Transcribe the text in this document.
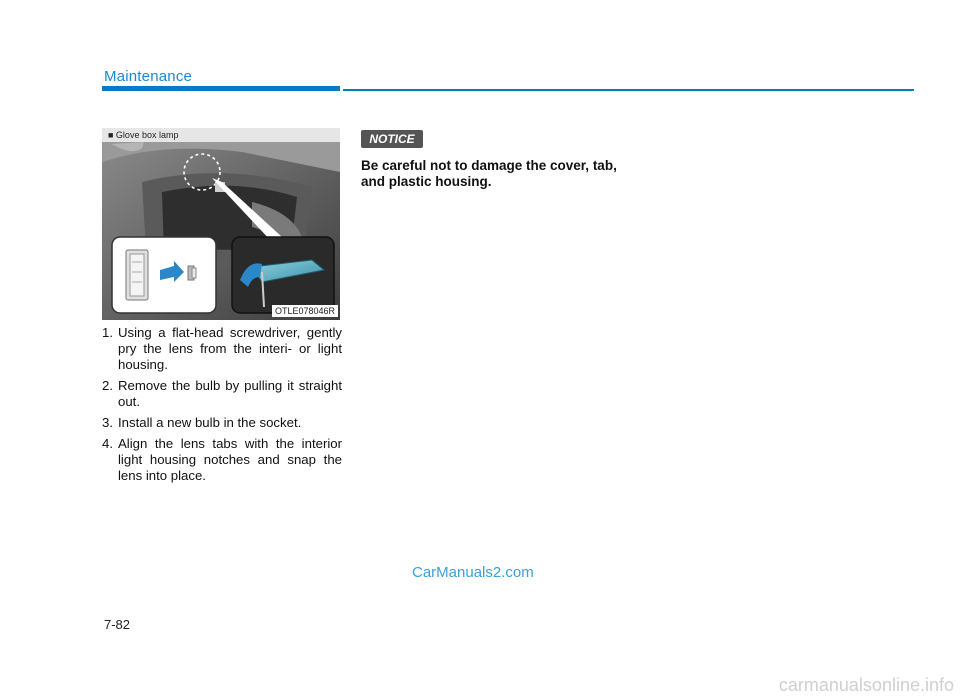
Maintenance
■ Glove box lamp
OTLE078046R
1. Using a flat-head screwdriver, gently pry the lens from the interi- or light housing.
2. Remove the bulb by pulling it straight out.
3. Install a new bulb in the socket.
4. Align the lens tabs with the interior light housing notches and snap the lens into place.
NOTICE
Be careful not to damage the cover, tab, and plastic housing.
CarManuals2.com
7-82
carmanualsonline.info
